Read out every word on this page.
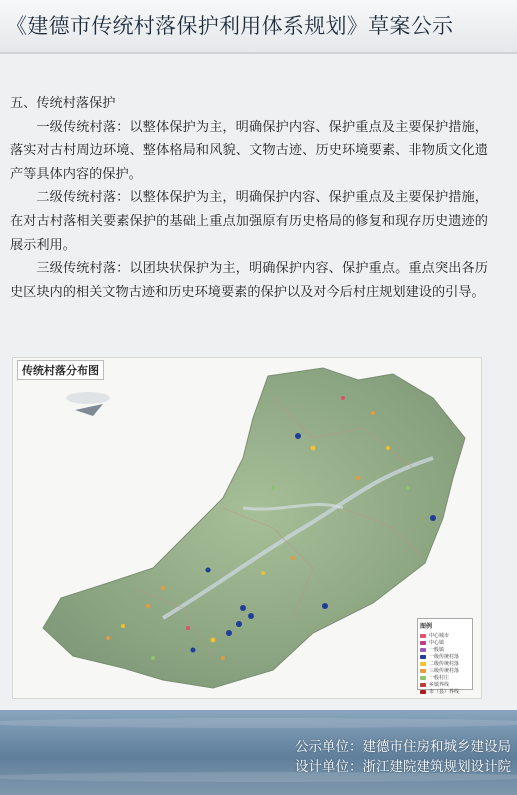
《建德市传统村落保护利用体系规划》草案公示

五、传统村落保护

一级传统村落：以整体保护为主，明确保护内容、保护重点及主要保护措施，落实对古村周边环境、整体格局和风貌、文物古迹、历史环境要素、非物质文化遗产等具体内容的保护。

二级传统村落：以整体保护为主，明确保护内容、保护重点及主要保护措施，在对古村落相关要素保护的基础上重点加强原有历史格局的修复和现存历史遗迹的展示利用。

三级传统村落：以团块状保护为主，明确保护内容、保护重点。重点突出各历史区块内的相关文物古迹和历史环境要素的保护以及对今后村庄规划建设的引导。

传统村落分布图
图例
中心城市
中心镇
一般镇
一级传统村落
二级传统村落
三级传统村落
一般村庄
乡镇界线
市（县）界线
公示单位：建德市住房和城乡建设局
设计单位：浙江建院建筑规划设计院
